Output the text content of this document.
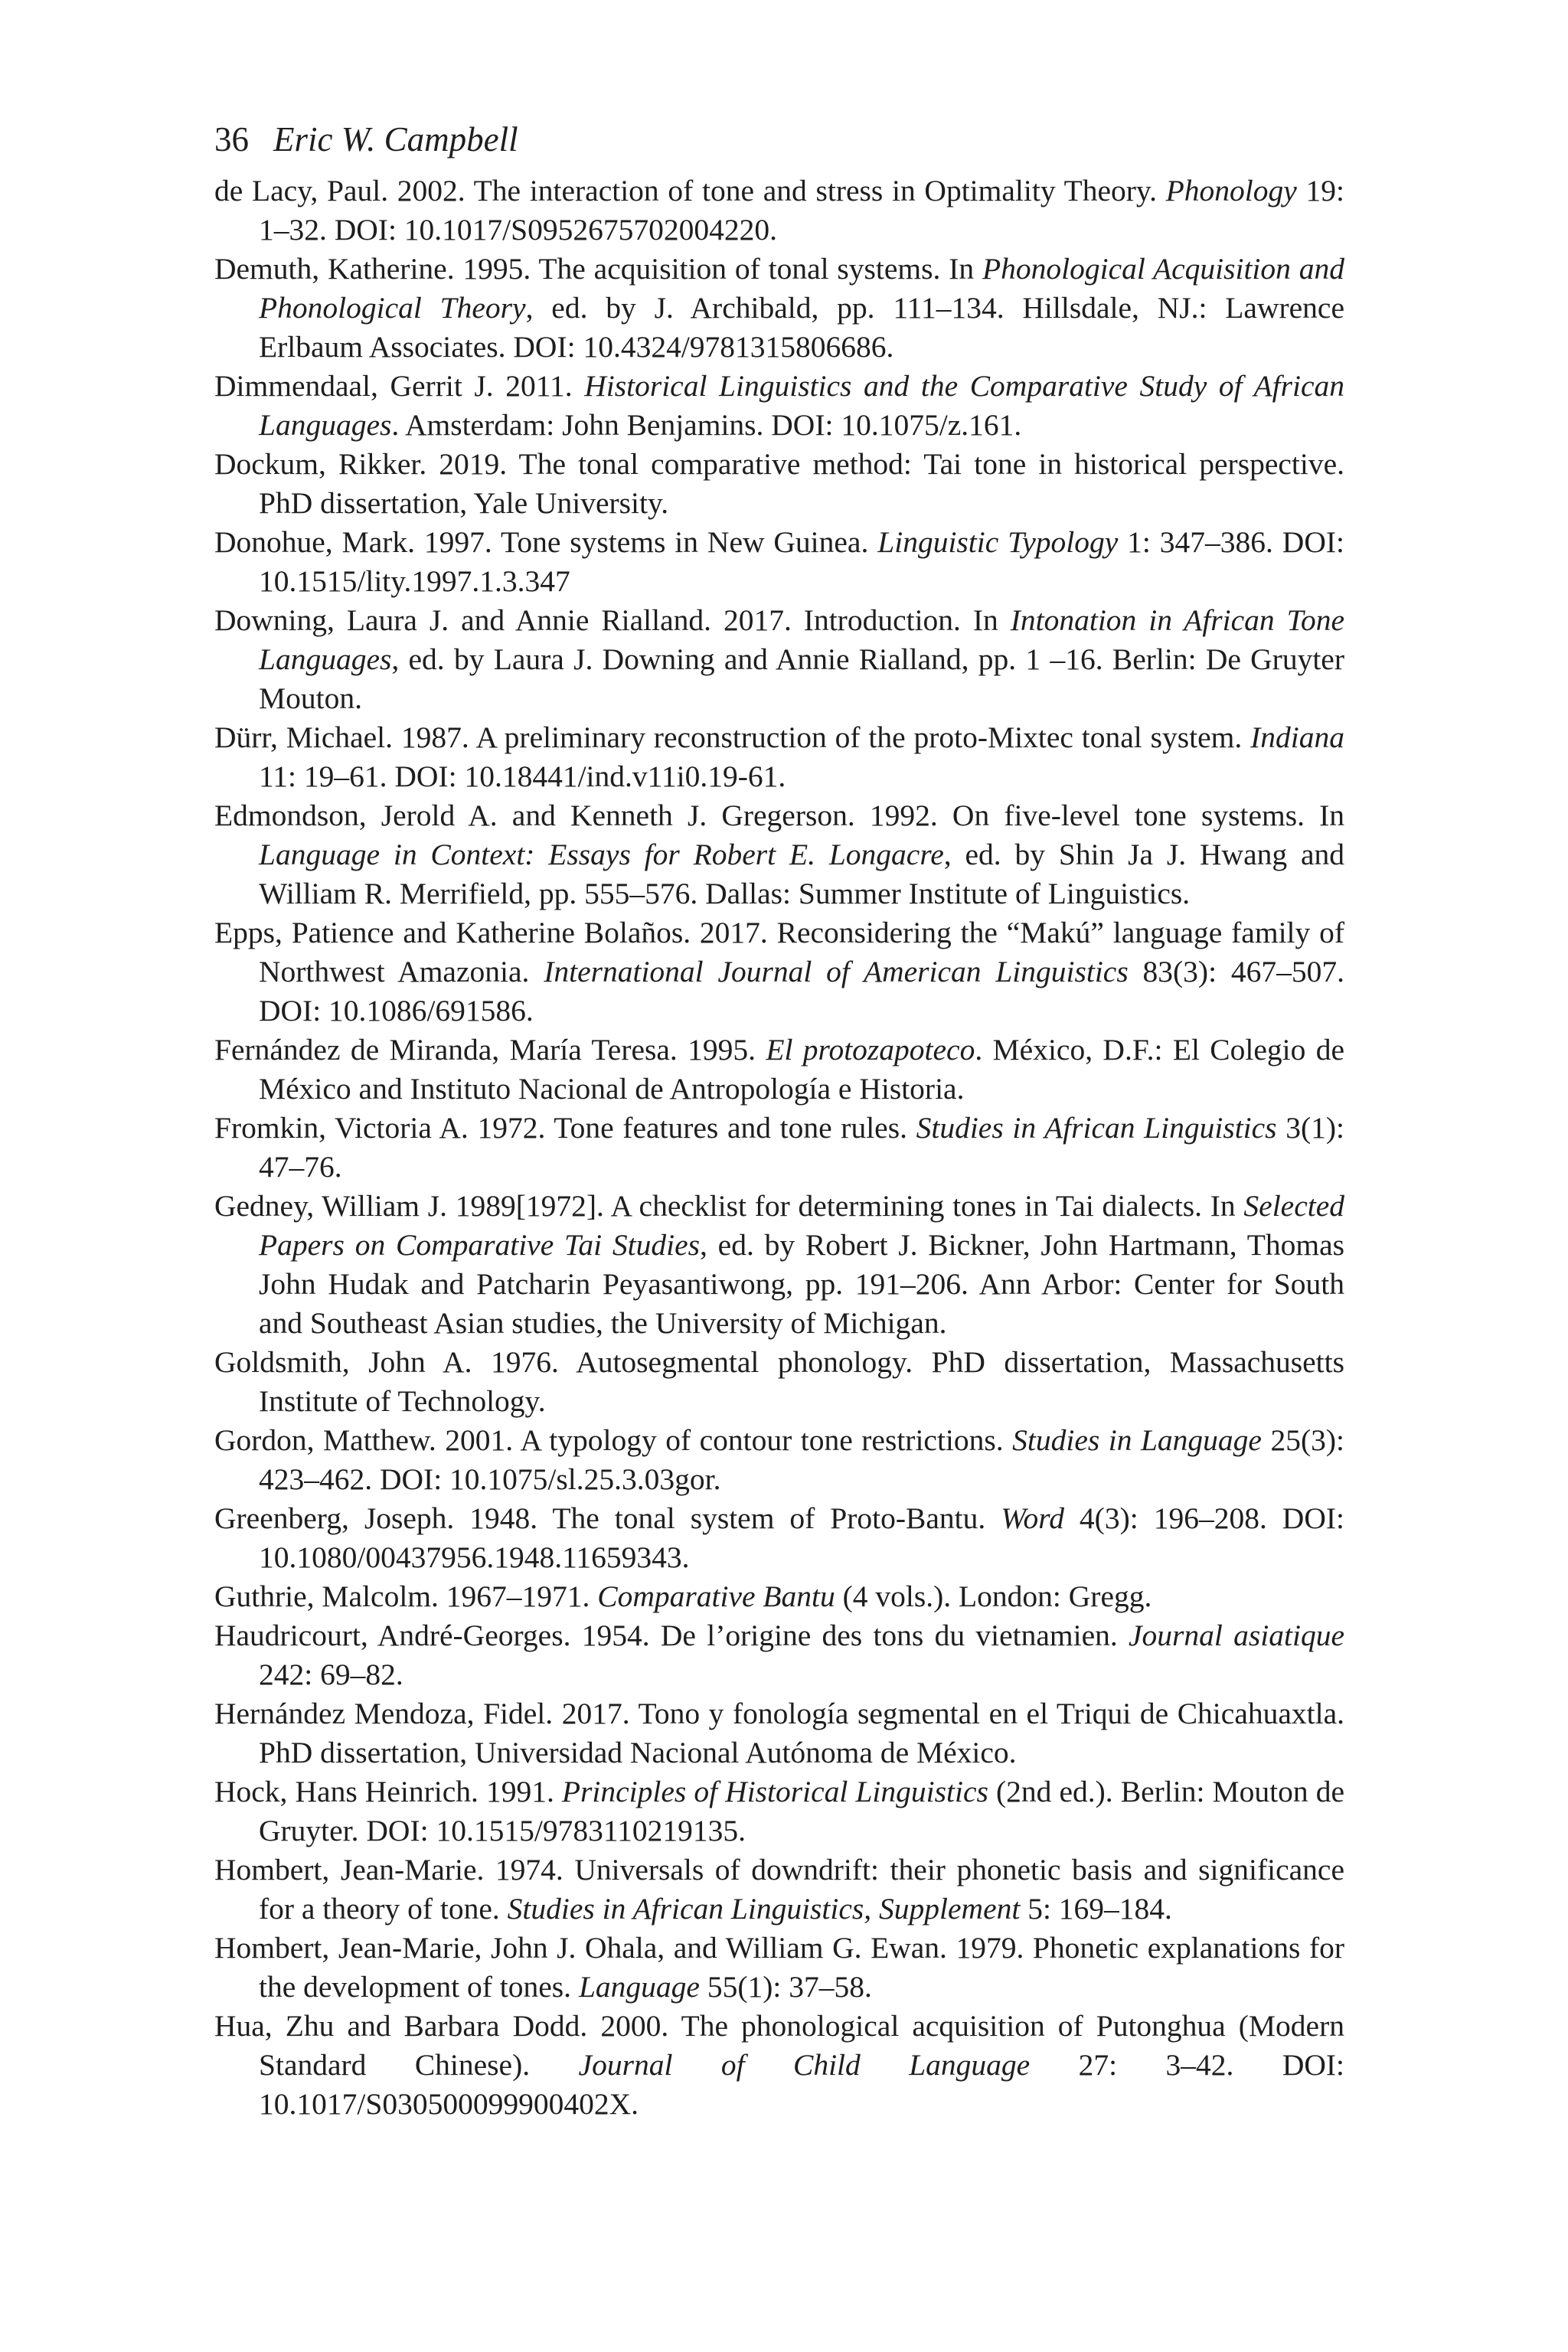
36 Eric W. Campbell

de Lacy, Paul. 2002. The interaction of tone and stress in Optimality Theory. Phonology 19: 1–32. DOI: 10.1017/S0952675702004220.

Demuth, Katherine. 1995. The acquisition of tonal systems. In Phonological Acquisition and Phonological Theory, ed. by J. Archibald, pp. 111–134. Hillsdale, NJ.: Lawrence Erlbaum Associates. DOI: 10.4324/9781315806686.

Dimmendaal, Gerrit J. 2011. Historical Linguistics and the Comparative Study of African Languages. Amsterdam: John Benjamins. DOI: 10.1075/z.161.

Dockum, Rikker. 2019. The tonal comparative method: Tai tone in historical perspective. PhD dissertation, Yale University.

Donohue, Mark. 1997. Tone systems in New Guinea. Linguistic Typology 1: 347–386. DOI: 10.1515/lity.1997.1.3.347

Downing, Laura J. and Annie Rialland. 2017. Introduction. In Intonation in African Tone Languages, ed. by Laura J. Downing and Annie Rialland, pp. 1 –16. Berlin: De Gruyter Mouton.

Dürr, Michael. 1987. A preliminary reconstruction of the proto-Mixtec tonal system. Indiana 11: 19–61. DOI: 10.18441/ind.v11i0.19-61.

Edmondson, Jerold A. and Kenneth J. Gregerson. 1992. On five-level tone systems. In Language in Context: Essays for Robert E. Longacre, ed. by Shin Ja J. Hwang and William R. Merrifield, pp. 555–576. Dallas: Summer Institute of Linguistics.

Epps, Patience and Katherine Bolaños. 2017. Reconsidering the “Makú” language family of Northwest Amazonia. International Journal of American Linguistics 83(3): 467–507. DOI: 10.1086/691586.

Fernández de Miranda, María Teresa. 1995. El protozapoteco. México, D.F.: El Colegio de México and Instituto Nacional de Antropología e Historia.

Fromkin, Victoria A. 1972. Tone features and tone rules. Studies in African Linguistics 3(1): 47–76.

Gedney, William J. 1989[1972]. A checklist for determining tones in Tai dialects. In Selected Papers on Comparative Tai Studies, ed. by Robert J. Bickner, John Hartmann, Thomas John Hudak and Patcharin Peyasantiwong, pp. 191–206. Ann Arbor: Center for South and Southeast Asian studies, the University of Michigan.

Goldsmith, John A. 1976. Autosegmental phonology. PhD dissertation, Massachusetts Institute of Technology.

Gordon, Matthew. 2001. A typology of contour tone restrictions. Studies in Language 25(3): 423–462. DOI: 10.1075/sl.25.3.03gor.

Greenberg, Joseph. 1948. The tonal system of Proto-Bantu. Word 4(3): 196–208. DOI: 10.1080/00437956.1948.11659343.

Guthrie, Malcolm. 1967–1971. Comparative Bantu (4 vols.). London: Gregg.

Haudricourt, André-Georges. 1954. De l’origine des tons du vietnamien. Journal asiatique 242: 69–82.

Hernández Mendoza, Fidel. 2017. Tono y fonología segmental en el Triqui de Chicahuaxtla. PhD dissertation, Universidad Nacional Autónoma de México.

Hock, Hans Heinrich. 1991. Principles of Historical Linguistics (2nd ed.). Berlin: Mouton de Gruyter. DOI: 10.1515/9783110219135.

Hombert, Jean-Marie. 1974. Universals of downdrift: their phonetic basis and significance for a theory of tone. Studies in African Linguistics, Supplement 5: 169–184.

Hombert, Jean-Marie, John J. Ohala, and William G. Ewan. 1979. Phonetic explanations for the development of tones. Language 55(1): 37–58.

Hua, Zhu and Barbara Dodd. 2000. The phonological acquisition of Putonghua (Modern Standard Chinese). Journal of Child Language 27: 3–42. DOI: 10.1017/S030500099900402X.
